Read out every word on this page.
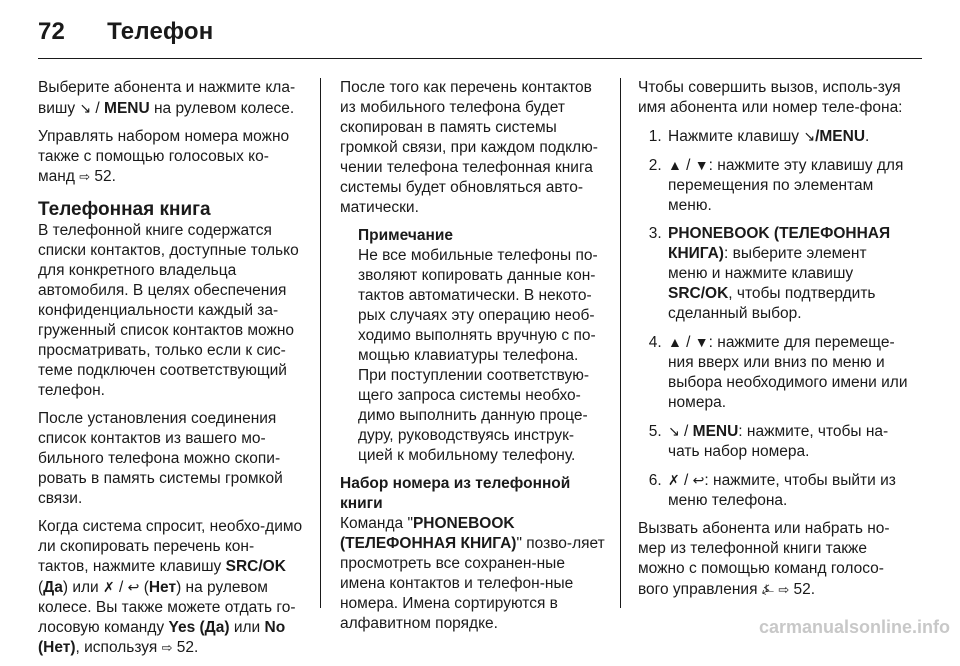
72 Телефон

Выберите абонента и нажмите кла-вишу ↘ / MENU на рулевом колесе.

Управлять набором номера можно также с помощью голосовых ко-манд ⇨ 52.

Телефонная книга

В телефонной книге содержатся списки контактов, доступные только для конкретного владельца автомобиля. В целях обеспечения конфиденциальности каждый за-груженный список контактов можно просматривать, только если к сис-теме подключен соответствующий телефон.

После установления соединения список контактов из вашего мо-бильного телефона можно скопи-ровать в память системы громкой связи.

Когда система спросит, необхо-димо ли скопировать перечень кон-тактов, нажмите клавишу SRC/OK (Да) или ✗ / ↩ (Нет) на рулевом колесе. Вы также можете отдать го-лосовую команду Yes (Да) или No (Нет), используя ⇨ 52.

После того как перечень контактов из мобильного телефона будет скопирован в память системы громкой связи, при каждом подклю-чении телефона телефонная книга системы будет обновляться авто-матически.

Примечание

Не все мобильные телефоны по-зволяют копировать данные кон-тактов автоматически. В некото-рых случаях эту операцию необ-ходимо выполнять вручную с по-мощью клавиатуры телефона. При поступлении соответствую-щего запроса системы необхо-димо выполнить данную проце-дуру, руководствуясь инструк-цией к мобильному телефону.

Набор номера из телефонной книги

Команда "PHONEBOOK (ТЕЛЕФОННАЯ КНИГА)" позво-ляет просмотреть все сохранен-ные имена контактов и телефон-ные номера. Имена сортируются в алфавитном порядке.

Чтобы совершить вызов, исполь-зуя имя абонента или номер теле-фона:

1. Нажмите клавишу ↘/MENU.
2. ▲ / ▼: нажмите эту клавишу для перемещения по элементам меню.
3. PHONEBOOK (ТЕЛЕФОННАЯ КНИГА): выберите элемент меню и нажмите клавишу SRC/OK, чтобы подтвердить сделанный выбор.
4. ▲ / ▼: нажмите для перемеще-ния вверх или вниз по меню и выбора необходимого имени или номера.
5. ↘ / MENU: нажмите, чтобы на-чать набор номера.
6. ✗ / ↩: нажмите, чтобы выйти из меню телефона.

Вызвать абонента или набрать но-мер из телефонной книги также можно с помощью команд голосо-вого управления ⍼ ⇨ 52.

carmanualsonline.info
